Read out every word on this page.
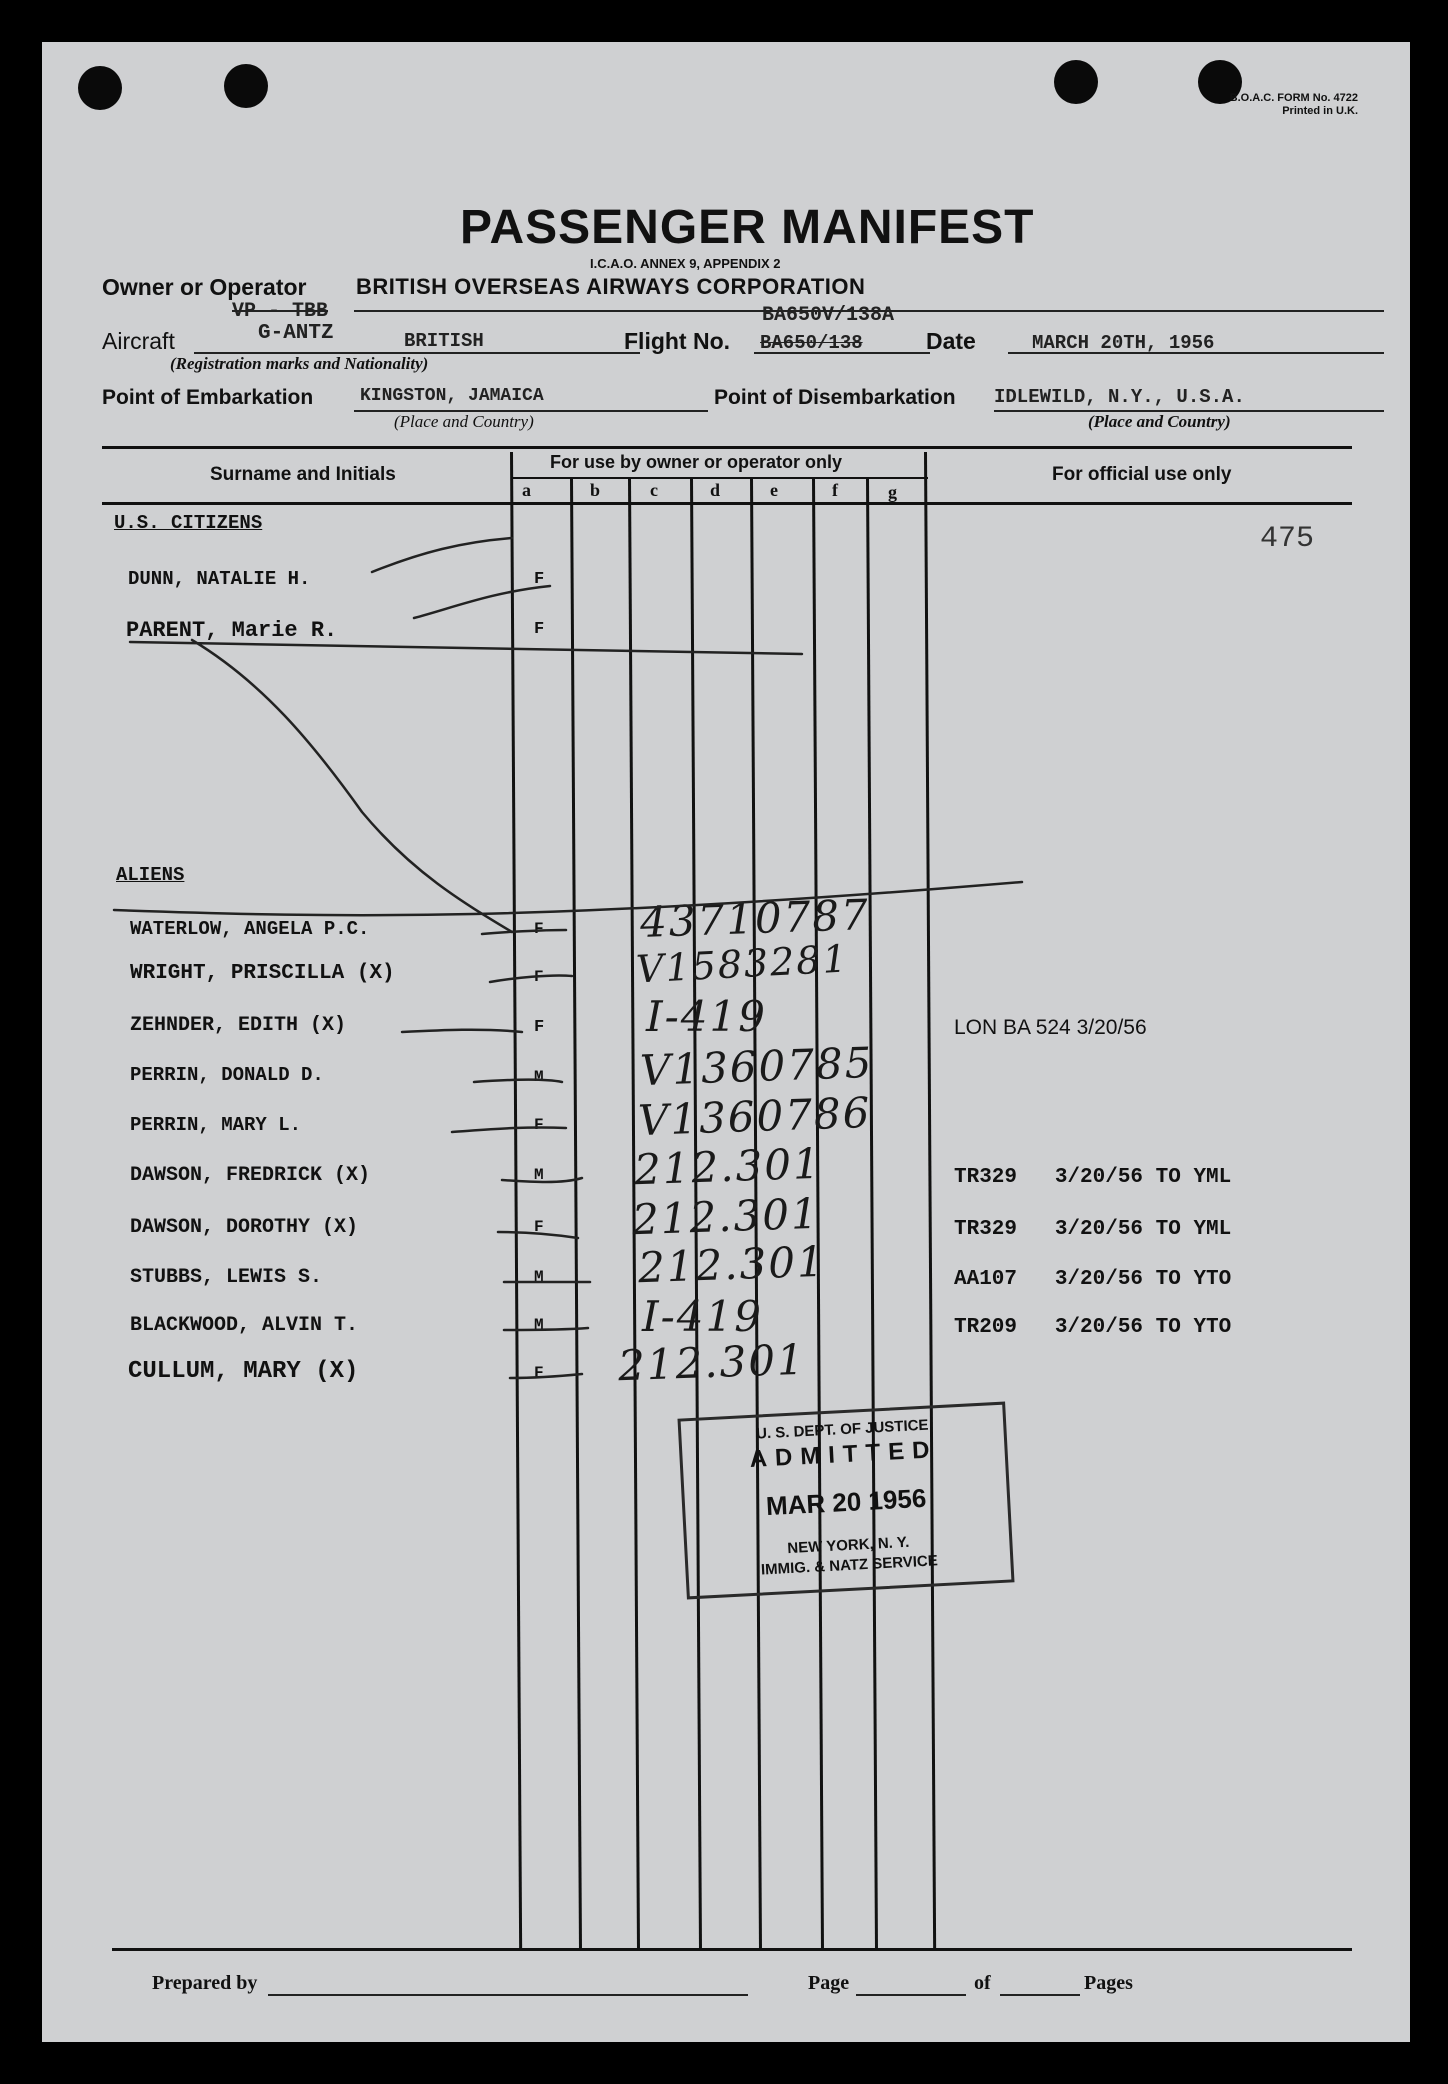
B.O.A.C. FORM No. 4722
Printed in U.K.
PASSENGER MANIFEST
I.C.A.O. ANNEX 9, APPENDIX 2
Owner or Operator BRITISH OVERSEAS AIRWAYS CORPORATION
VP - TBB
Aircraft	G-ANTZ	BRITISH
(Registration marks and Nationality)
BA650V/138A
Flight No. BA650/138	Date	MARCH 20TH, 1956
Point of Embarkation	KINGSTON, JAMAICA
(Place and Country)
Point of Disembarkation IDLEWILD, N.Y., U.S.A.
(Place and Country)
Surname and Initials
For use by owner or operator only
For official use only
a	b	c	d	e	f	g
U.S. CITIZENS	475
DUNN, NATALIE H.	F
PARENT, Marie R.	F
ALIENS
WATERLOW, ANGELA P.C.	F 43710787
WRIGHT, PRISCILLA (X)	F V1583281
ZEHNDER, EDITH (X)	F I-419	LON BA 524 3/20/56
PERRIN, DONALD D.	M V1360785
PERRIN, MARY L.	F V1360786
DAWSON, FREDRICK (X)	M 212.301	TR329   3/20/56 TO YML
DAWSON, DOROTHY (X)	F 212.301	TR329   3/20/56 TO YML
STUBBS, LEWIS S.	M 212.301	AA107   3/20/56 TO YTO
BLACKWOOD, ALVIN T.	M I-419	TR209   3/20/56 TO YTO
CULLUM, MARY (X)	F 212.301
U. S. DEPT. OF JUSTICE
ADMITTED
MAR 20 1956
NEW YORK, N. Y.
IMMIG. & NATZ SERVICE
Prepared by	Page	of	Pages
